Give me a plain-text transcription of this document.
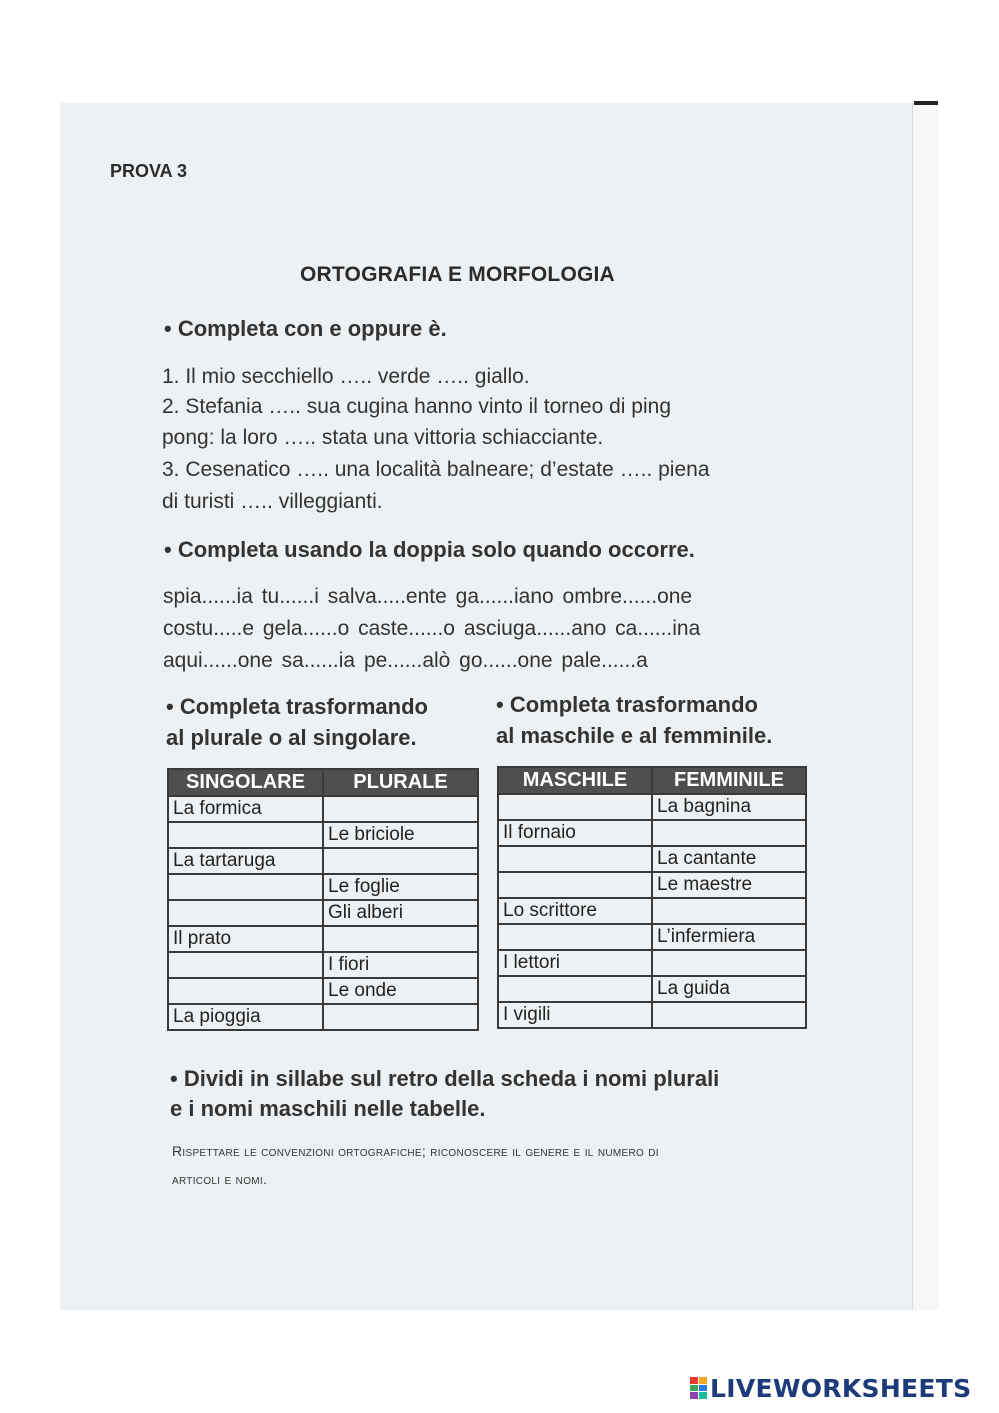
PROVA 3
ORTOGRAFIA E MORFOLOGIA
• Completa con e oppure è.
1. Il mio secchiello ….. verde ….. giallo.
2. Stefania ….. sua cugina hanno vinto il torneo di ping
pong: la loro ….. stata una vittoria schiacciante.
3. Cesenatico ….. una località balneare; d’estate ….. piena
di turisti ….. villeggianti.
• Completa usando la doppia solo quando occorre.
spia......ia tu......i salva.....ente ga......iano ombre......one
costu.....e gela......o caste......o asciuga......ano ca......ina
aqui......one sa......ia pe......alò go......one pale......a
• Completa trasformando
al plurale o al singolare.
• Completa trasformando
al maschile e al femminile.
SINGOLARE	PLURALE
La formica	
	Le briciole
La tartaruga	
	Le foglie
	Gli alberi
Il prato	
	I fiori
	Le onde
La pioggia	
MASCHILE	FEMMINILE
	La bagnina
Il fornaio	
	La cantante
	Le maestre
Lo scrittore	
	L’infermiera
I lettori	
	La guida
I vigili	
• Dividi in sillabe sul retro della scheda i nomi plurali
e i nomi maschili nelle tabelle.
Rispettare le convenzioni ortografiche; riconoscere il genere e il numero di
articoli e nomi.
LIVEWORKSHEETS
